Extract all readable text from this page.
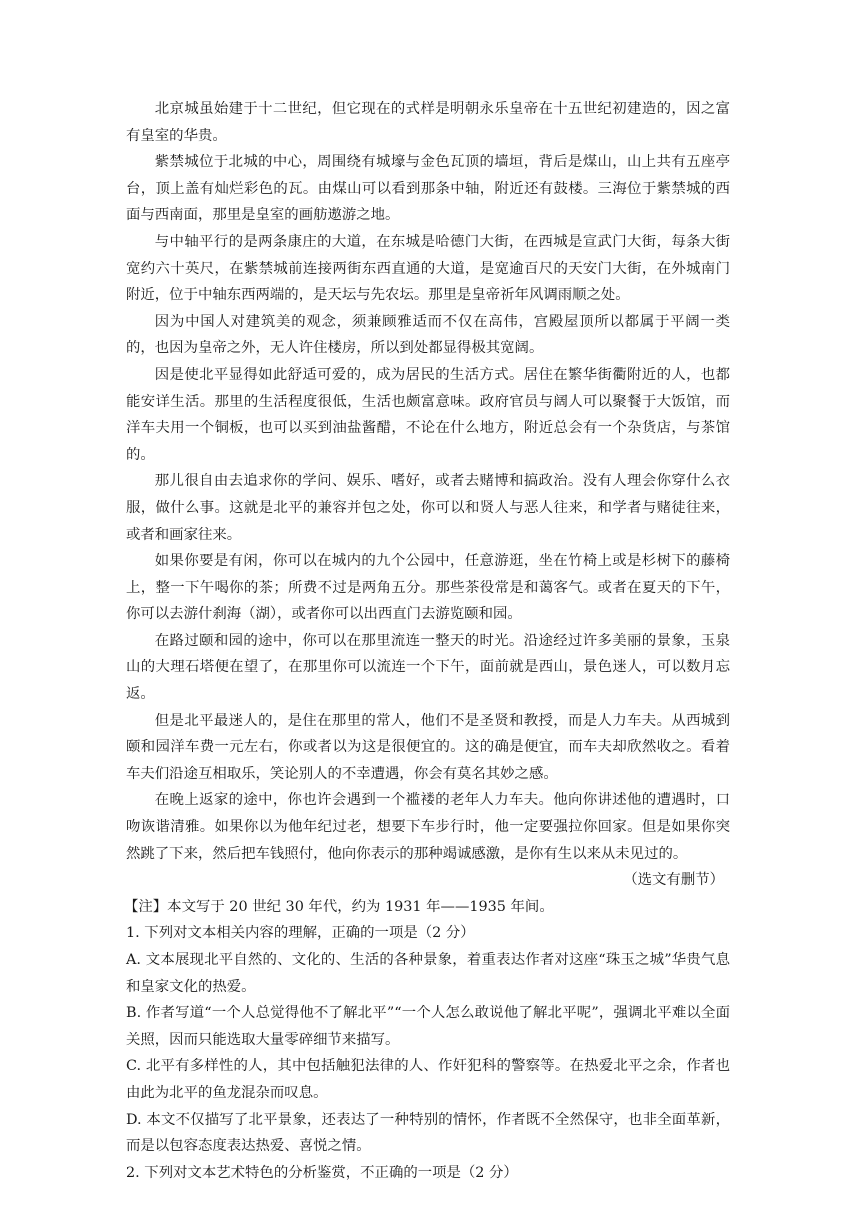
北京城虽始建于十二世纪，但它现在的式样是明朝永乐皇帝在十五世纪初建造的，因之富有皇室的华贵。

紫禁城位于北城的中心，周围绕有城壕与金色瓦顶的墙垣，背后是煤山，山上共有五座亭台，顶上盖有灿烂彩色的瓦。由煤山可以看到那条中轴，附近还有鼓楼。三海位于紫禁城的西面与西南面，那里是皇室的画舫遨游之地。

与中轴平行的是两条康庄的大道，在东城是哈德门大街，在西城是宣武门大街，每条大街宽约六十英尺，在紫禁城前连接两街东西直通的大道，是宽逾百尺的天安门大街，在外城南门附近，位于中轴东西两端的，是天坛与先农坛。那里是皇帝祈年风调雨顺之处。

因为中国人对建筑美的观念，须兼顾雅适而不仅在高伟，宫殿屋顶所以都属于平阔一类的，也因为皇帝之外，无人许住楼房，所以到处都显得极其宽阔。

因是使北平显得如此舒适可爱的，成为居民的生活方式。居住在繁华街衢附近的人，也都能安详生活。那里的生活程度很低，生活也颇富意味。政府官员与阔人可以聚餐于大饭馆，而洋车夫用一个铜板，也可以买到油盐酱醋，不论在什么地方，附近总会有一个杂货店，与茶馆的。

那儿很自由去追求你的学问、娱乐、嗜好，或者去赌博和搞政治。没有人理会你穿什么衣服，做什么事。这就是北平的兼容并包之处，你可以和贤人与恶人往来，和学者与赌徒往来，或者和画家往来。

如果你要是有闲，你可以在城内的九个公园中，任意游逛，坐在竹椅上或是杉树下的藤椅上，整一下午喝你的茶；所费不过是两角五分。那些茶役常是和蔼客气。或者在夏天的下午，你可以去游什刹海（湖），或者你可以出西直门去游览颐和园。

在路过颐和园的途中，你可以在那里流连一整天的时光。沿途经过许多美丽的景象，玉泉山的大理石塔便在望了，在那里你可以流连一个下午，面前就是西山，景色迷人，可以数月忘返。

但是北平最迷人的，是住在那里的常人，他们不是圣贤和教授，而是人力车夫。从西城到颐和园洋车费一元左右，你或者以为这是很便宜的。这的确是便宜，而车夫却欣然收之。看着车夫们沿途互相取乐，笑论别人的不幸遭遇，你会有莫名其妙之感。

在晚上返家的途中，你也许会遇到一个褴褛的老年人力车夫。他向你讲述他的遭遇时，口吻诙谐清雅。如果你以为他年纪过老，想要下车步行时，他一定要强拉你回家。但是如果你突然跳了下来，然后把车钱照付，他向你表示的那种竭诚感激，是你有生以来从未见过的。

（选文有删节）

【注】本文写于 20 世纪 30 年代，约为 1931 年——1935 年间。

1. 下列对文本相关内容的理解，正确的一项是（2 分）

A. 文本展现北平自然的、文化的、生活的各种景象，着重表达作者对这座“珠玉之城”华贵气息和皇家文化的热爱。

B. 作者写道“一个人总觉得他不了解北平”“一个人怎么敢说他了解北平呢”，强调北平难以全面关照，因而只能选取大量零碎细节来描写。

C. 北平有多样性的人，其中包括触犯法律的人、作奸犯科的警察等。在热爱北平之余，作者也由此为北平的鱼龙混杂而叹息。

D. 本文不仅描写了北平景象，还表达了一种特别的情怀，作者既不全然保守，也非全面革新，而是以包容态度表达热爱、喜悦之情。

2. 下列对文本艺术特色的分析鉴赏，不正确的一项是（2 分）
